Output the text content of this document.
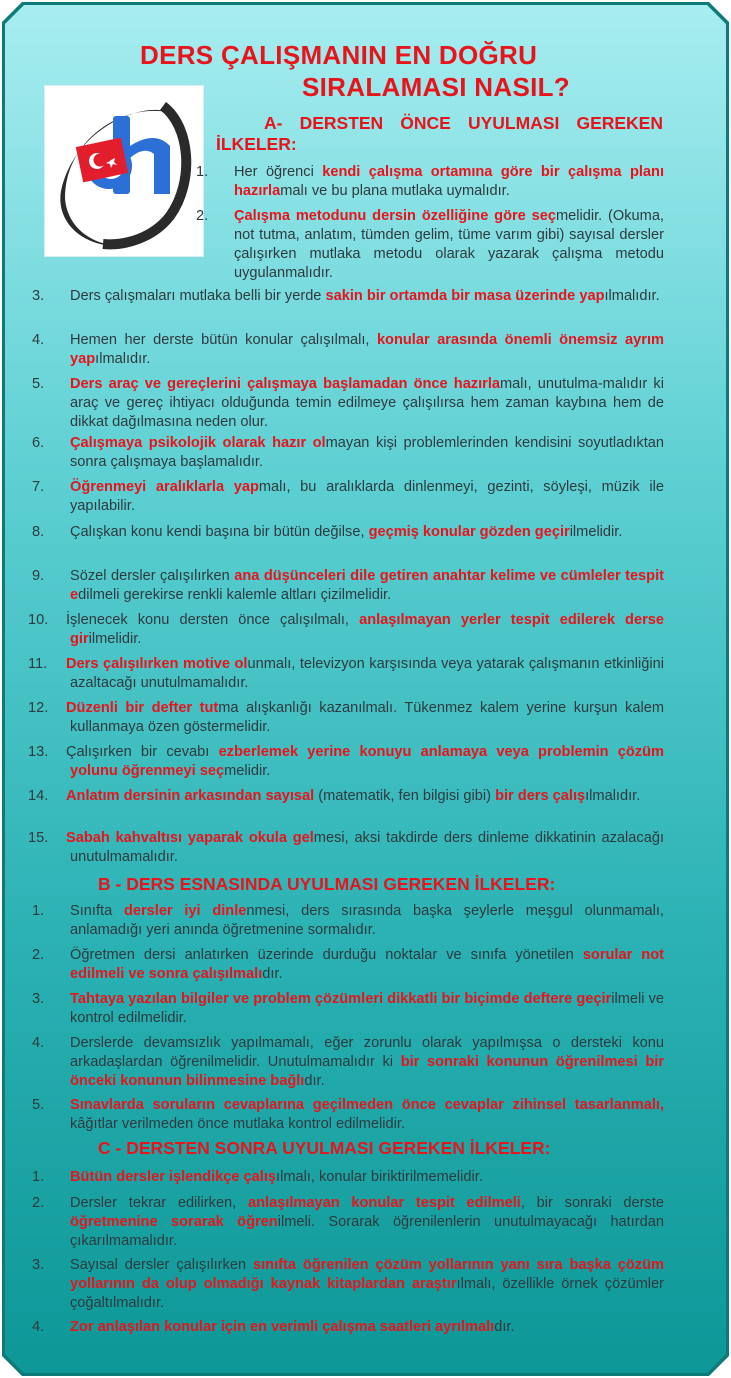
DERS ÇALIŞMANIN EN DOĞRU
SIRALAMASI NASIL?
A- DERSTEN ÖNCE UYULMASI GEREKEN İLKELER:
1. Her öğrenci kendi çalışma ortamına göre bir çalışma planı hazırlamalı ve bu plana mutlaka uymalıdır.
2. Çalışma metodunu dersin özelliğine göre seçmelidir. (Okuma, not tutma, anlatım, tümden gelim, tüme varım gibi) sayısal dersler çalışırken mutlaka metodu olarak yazarak çalışma metodu uygulanmalıdır.
3. Ders çalışmaları mutlaka belli bir yerde sakin bir ortamda bir masa üzerinde yapılmalıdır.
4. Hemen her derste bütün konular çalışılmalı, konular arasında önemli önemsiz ayrım yapılmalıdır.
5. Ders araç ve gereçlerini çalışmaya başlamadan önce hazırlamalı, unutulma-malıdır ki araç ve gereç ihtiyacı olduğunda temin edilmeye çalışılırsa hem zaman kaybına hem de dikkat dağılmasına neden olur.
6. Çalışmaya psikolojik olarak hazır olmayan kişi problemlerinden kendisini soyutladıktan sonra çalışmaya başlamalıdır.
7. Öğrenmeyi aralıklarla yapmalı, bu aralıklarda dinlenmeyi, gezinti, söyleşi, müzik ile yapılabilir.
8. Çalışkan konu kendi başına bir bütün değilse, geçmiş konular gözden geçirilmelidir.
9. Sözel dersler çalışılırken ana düşünceleri dile getiren anahtar kelime ve cümleler tespit edilmeli gerekirse renkli kalemle altları çizilmelidir.
10. İşlenecek konu dersten önce çalışılmalı, anlaşılmayan yerler tespit edilerek derse girilmelidir.
11. Ders çalışılırken motive olunmalı, televizyon karşısında veya yatarak çalışmanın etkinliğini azaltacağı unutulmamalıdır.
12. Düzenli bir defter tutma alışkanlığı kazanılmalı. Tükenmez kalem yerine kurşun kalem kullanmaya özen göstermelidir.
13. Çalışırken bir cevabı ezberlemek yerine konuyu anlamaya veya problemin çözüm yolunu öğrenmeyi seçmelidir.
14. Anlatım dersinin arkasından sayısal (matematik, fen bilgisi gibi) bir ders çalışılmalıdır.
15. Sabah kahvaltısı yaparak okula gelmesi, aksi takdirde ders dinleme dikkatinin azalacağı unutulmamalıdır.
B - DERS ESNASINDA UYULMASI GEREKEN İLKELER:
1. Sınıfta dersler iyi dinlenmesi, ders sırasında başka şeylerle meşgul olunmamalı, anlamadığı yeri anında öğretmenine sormalıdır.
2. Öğretmen dersi anlatırken üzerinde durduğu noktalar ve sınıfa yönetilen sorular not edilmeli ve sonra çalışılmalıdır.
3. Tahtaya yazılan bilgiler ve problem çözümleri dikkatli bir biçimde deftere geçirilmeli ve kontrol edilmelidir.
4. Derslerde devamsızlık yapılmamalı, eğer zorunlu olarak yapılmışsa o dersteki konu arkadaşlardan öğrenilmelidir. Unutulmamalıdır ki bir sonraki konunun öğrenilmesi bir önceki konunun bilinmesine bağlıdır.
5. Sınavlarda soruların cevaplarına geçilmeden önce cevaplar zihinsel tasarlanmalı, kâğıtlar verilmeden önce mutlaka kontrol edilmelidir.
C - DERSTEN SONRA UYULMASI GEREKEN İLKELER:
1. Bütün dersler işlendikçe çalışılmalı, konular biriktirilmemelidir.
2. Dersler tekrar edilirken, anlaşılmayan konular tespit edilmeli, bir sonraki derste öğretmenine sorarak öğrenilmeli. Sorarak öğrenilenlerin unutulmayacağı hatırdan çıkarılmamalıdır.
3. Sayısal dersler çalışılırken sınıfta öğrenilen çözüm yollarının yanı sıra başka çözüm yollarının da olup olmadığı kaynak kitaplardan araştırılmalı, özellikle örnek çözümler çoğaltılmalıdır.
4. Zor anlaşılan konular için en verimli çalışma saatleri ayrılmalıdır.
